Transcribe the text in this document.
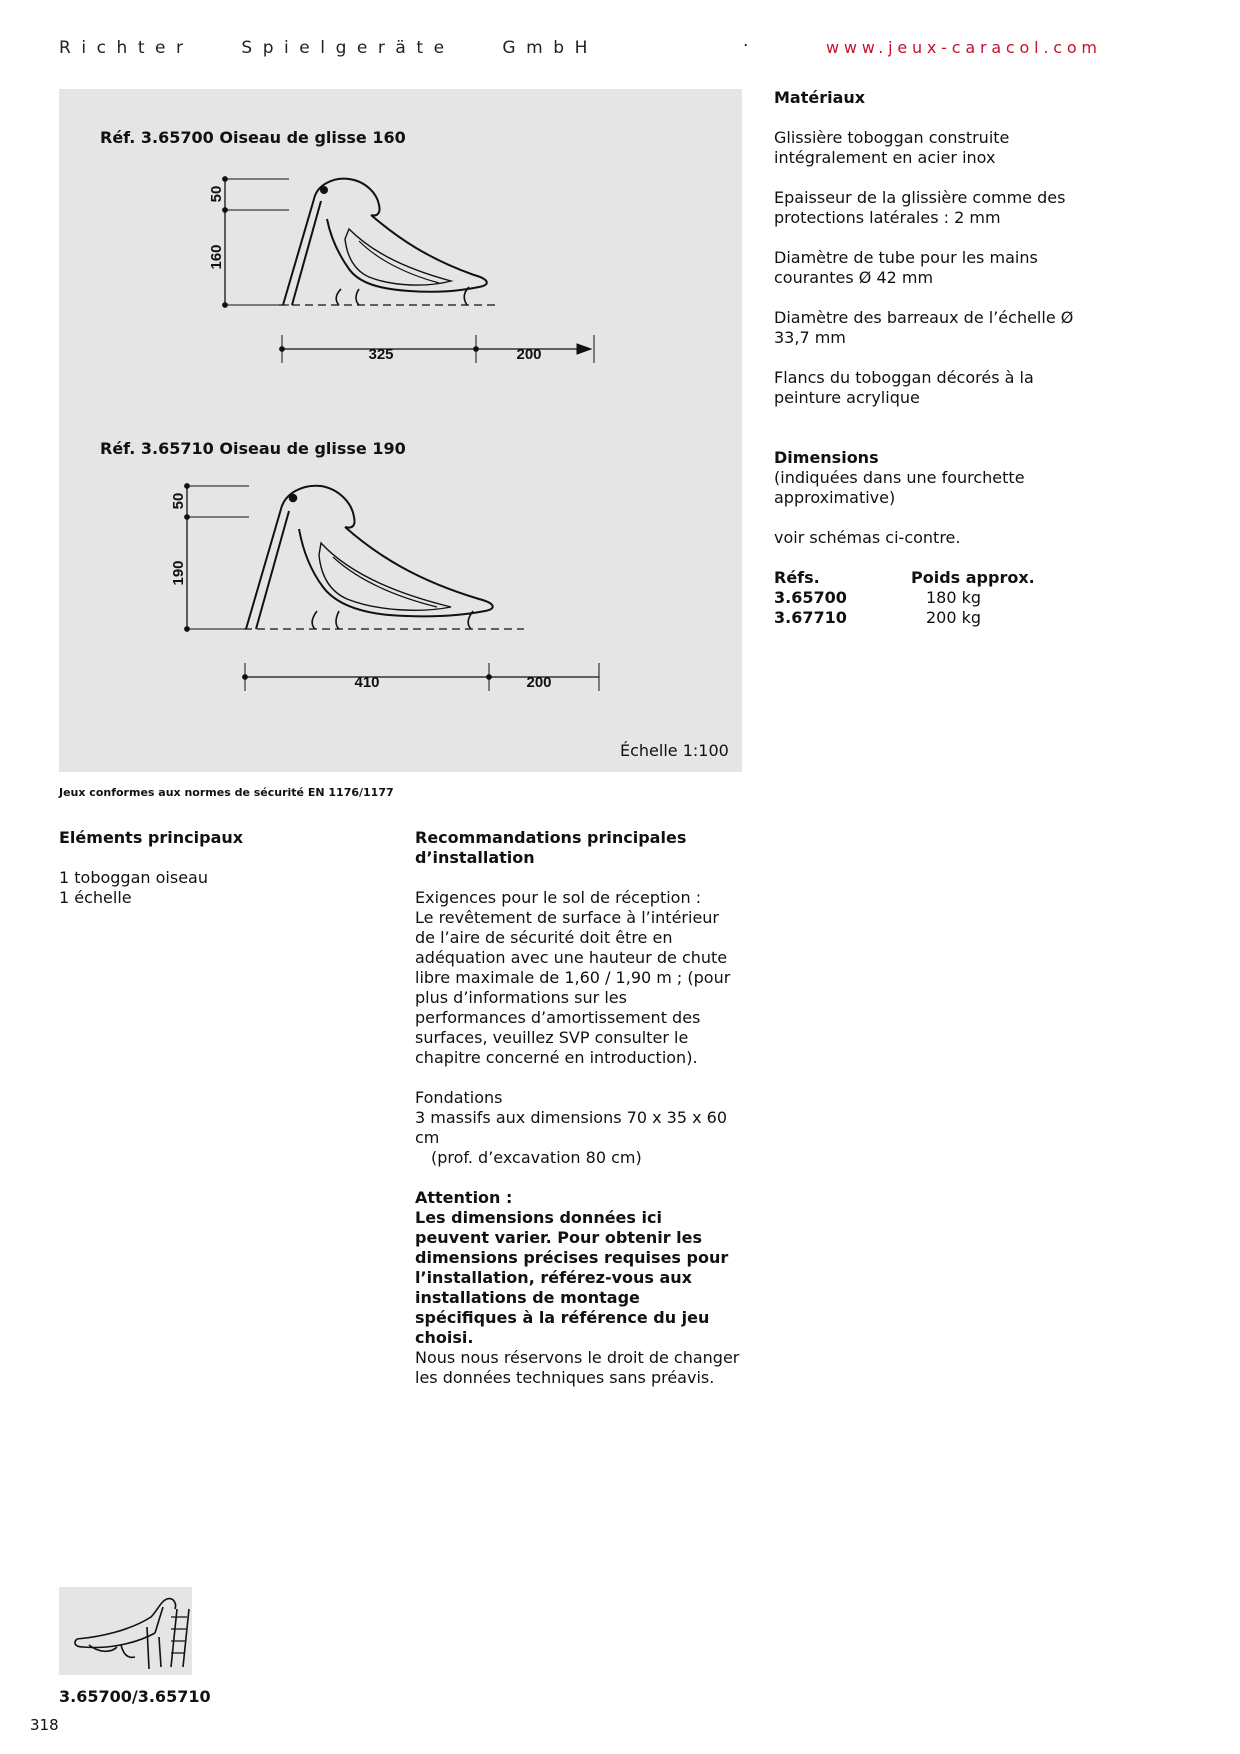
Richter   Spielgeräte   GmbH	·	www.jeux-caracol.com
Réf. 3.65700 Oiseau de glisse 160
50
160
325	200
50
190
410	200
Réf. 3.65710 Oiseau de glisse 190
Échelle 1:100
Jeux conformes aux normes de sécurité EN 1176/1177
Matériaux

Glissière toboggan construite intégralement en acier inox

Epaisseur de la glissière comme des protections latérales : 2 mm

Diamètre de tube pour les mains courantes Ø 42 mm

Diamètre des barreaux de l’échelle Ø 33,7 mm

Flancs du toboggan décorés à la peinture acrylique

Dimensions
(indiquées dans une fourchette approximative)
voir schémas ci-contre.
Réfs.	Poids approx.
3.65700	180 kg
3.67710	200 kg
Eléments principaux
1 toboggan oiseau
1 échelle
Recommandations principales d’installation
Exigences pour le sol de réception :

Le revêtement de surface à l’intérieur de l’aire de sécurité doit être en adéquation avec une hauteur de chute libre maximale de 1,60 / 1,90 m ; (pour plus d’informations sur les performances d’amortissement des surfaces, veuillez SVP consulter le chapitre concerné en introduction).

Fondations
3 massifs aux dimensions 70 x 35 x 60 cm
(prof. d’excavation 80 cm)
Attention :
Les dimensions données ici peuvent varier. Pour obtenir les dimensions précises requises pour l’installation, référez-vous aux installations de montage spécifiques à la référence du jeu choisi.
Nous nous réservons le droit de changer les données techniques sans préavis.
3.65700/3.65710
318
